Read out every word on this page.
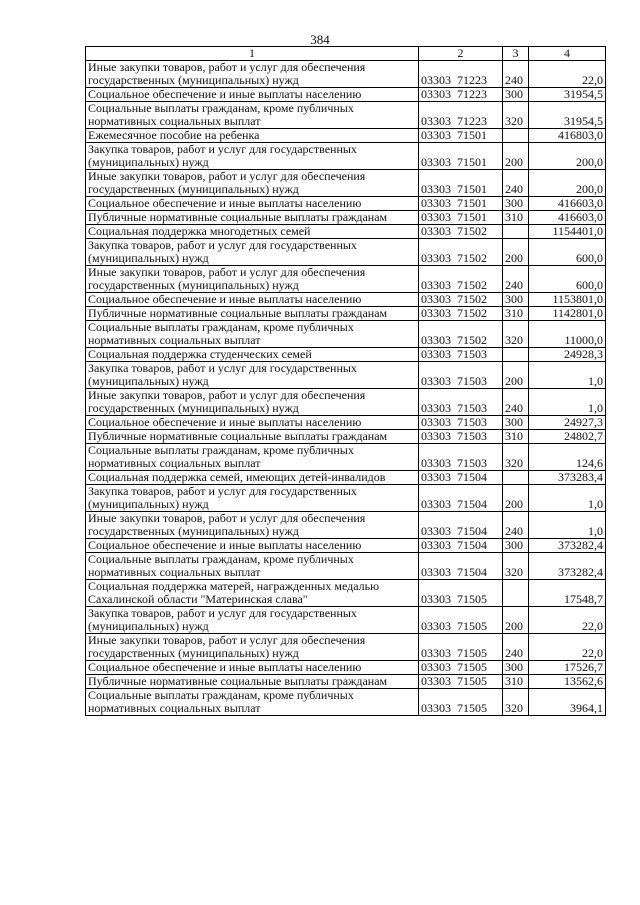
384
1	2	3	4
Иные закупки товаров, работ и услуг для обеспечения
государственных (муниципальных) нужд	03303  71223	240	22,0
Социальное обеспечение и иные выплаты населению	03303  71223	300	31954,5
Социальные выплаты гражданам, кроме публичных
нормативных социальных выплат	03303  71223	320	31954,5
Ежемесячное пособие на ребенка	03303  71501		416803,0
Закупка товаров, работ и услуг для государственных
(муниципальных) нужд	03303  71501	200	200,0
Иные закупки товаров, работ и услуг для обеспечения
государственных (муниципальных) нужд	03303  71501	240	200,0
Социальное обеспечение и иные выплаты населению	03303  71501	300	416603,0
Публичные нормативные социальные выплаты гражданам	03303  71501	310	416603,0
Социальная поддержка многодетных семей	03303  71502		1154401,0
Закупка товаров, работ и услуг для государственных
(муниципальных) нужд	03303  71502	200	600,0
Иные закупки товаров, работ и услуг для обеспечения
государственных (муниципальных) нужд	03303  71502	240	600,0
Социальное обеспечение и иные выплаты населению	03303  71502	300	1153801,0
Публичные нормативные социальные выплаты гражданам	03303  71502	310	1142801,0
Социальные выплаты гражданам, кроме публичных
нормативных социальных выплат	03303  71502	320	11000,0
Социальная поддержка студенческих семей	03303  71503		24928,3
Закупка товаров, работ и услуг для государственных
(муниципальных) нужд	03303  71503	200	1,0
Иные закупки товаров, работ и услуг для обеспечения
государственных (муниципальных) нужд	03303  71503	240	1,0
Социальное обеспечение и иные выплаты населению	03303  71503	300	24927,3
Публичные нормативные социальные выплаты гражданам	03303  71503	310	24802,7
Социальные выплаты гражданам, кроме публичных
нормативных социальных выплат	03303  71503	320	124,6
Социальная поддержка семей, имеющих детей-инвалидов	03303  71504		373283,4
Закупка товаров, работ и услуг для государственных
(муниципальных) нужд	03303  71504	200	1,0
Иные закупки товаров, работ и услуг для обеспечения
государственных (муниципальных) нужд	03303  71504	240	1,0
Социальное обеспечение и иные выплаты населению	03303  71504	300	373282,4
Социальные выплаты гражданам, кроме публичных
нормативных социальных выплат	03303  71504	320	373282,4
Социальная поддержка матерей, награжденных медалью
Сахалинской области "Материнская слава"	03303  71505		17548,7
Закупка товаров, работ и услуг для государственных
(муниципальных) нужд	03303  71505	200	22,0
Иные закупки товаров, работ и услуг для обеспечения
государственных (муниципальных) нужд	03303  71505	240	22,0
Социальное обеспечение и иные выплаты населению	03303  71505	300	17526,7
Публичные нормативные социальные выплаты гражданам	03303  71505	310	13562,6
Социальные выплаты гражданам, кроме публичных
нормативных социальных выплат	03303  71505	320	3964,1
